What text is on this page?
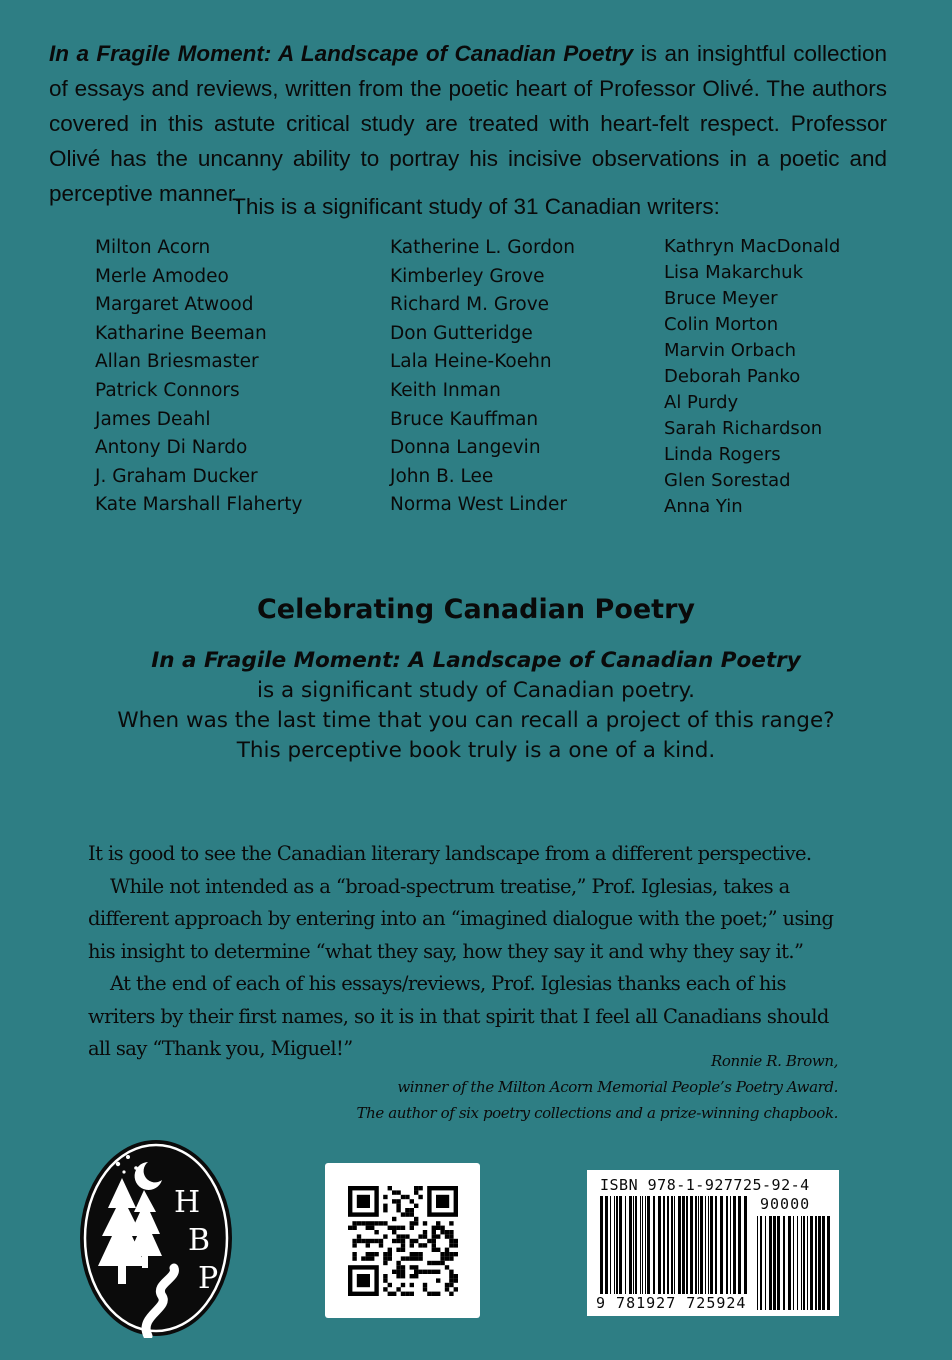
In a Fragile Moment: A Landscape of Canadian Poetry is an insightful collection of essays and reviews, written from the poetic heart of Professor Olivé. The authors covered in this astute critical study are treated with heart-felt respect. Professor Olivé has the uncanny ability to portray his incisive observations in a poetic and perceptive manner.

This is a significant study of 31 Canadian writers:

Milton Acorn
Merle Amodeo
Margaret Atwood
Katharine Beeman
Allan Briesmaster
Patrick Connors
James Deahl
Antony Di Nardo
J. Graham Ducker
Kate Marshall Flaherty
Katherine L. Gordon
Kimberley Grove
Richard M. Grove
Don Gutteridge
Lala Heine-Koehn
Keith Inman
Bruce Kauffman
Donna Langevin
John B. Lee
Norma West Linder
Kathryn MacDonald
Lisa Makarchuk
Bruce Meyer
Colin Morton
Marvin Orbach
Deborah Panko
Al Purdy
Sarah Richardson
Linda Rogers
Glen Sorestad
Anna Yin
Celebrating Canadian Poetry
In a Fragile Moment: A Landscape of Canadian Poetry
is a significant study of Canadian poetry.
When was the last time that you can recall a project of this range?
This perceptive book truly is a one of a kind.

It is good to see the Canadian literary landscape from a different perspective.

While not intended as a “broad-spectrum treatise,” Prof. Iglesias, takes a different approach by entering into an “imagined dialogue with the poet;” using his insight to determine “what they say, how they say it and why they say it.”

At the end of each of his essays/reviews, Prof. Iglesias thanks each of his writers by their first names, so it is in that spirit that I feel all Canadians should all say “Thank you, Miguel!”

Ronnie R. Brown,
winner of the Milton Acorn Memorial People’s Poetry Award.
The author of six poetry collections and a prize-winning chapbook.
H
B
P
ISBN 978-1-927725-92-4
90000
9 781927 725924
